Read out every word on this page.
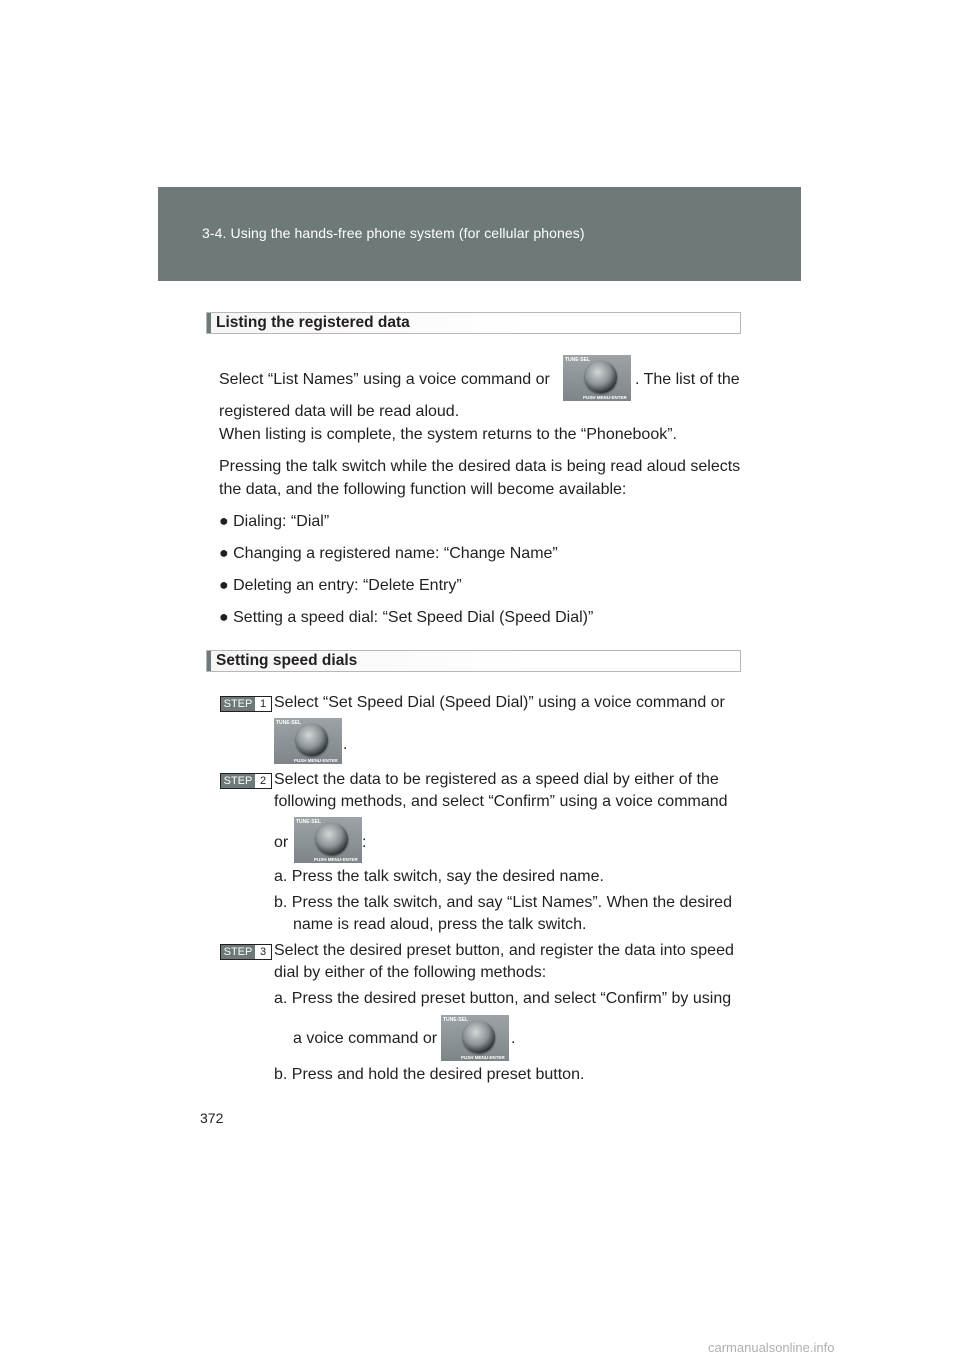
3-4. Using the hands-free phone system (for cellular phones)
Listing the registered data
Select “List Names” using a voice command or
TUNE·SEL
PUSH MENU·ENTER
. The list of the
registered data will be read aloud.
When listing is complete, the system returns to the “Phonebook”.
Pressing the talk switch while the desired data is being read aloud selects
the data, and the following function will become available:
● Dialing: “Dial”
● Changing a registered name: “Change Name”
● Deleting an entry: “Delete Entry”
● Setting a speed dial: “Set Speed Dial (Speed Dial)”
Setting speed dials
STEP 1 Select “Set Speed Dial (Speed Dial)” using a voice command or
TUNE·SEL
PUSH MENU·ENTER
.
STEP 2 Select the data to be registered as a speed dial by either of the
following methods, and select “Confirm” using a voice command
or
TUNE·SEL
PUSH MENU·ENTER
:
a. Press the talk switch, say the desired name.
b. Press the talk switch, and say “List Names”. When the desired
name is read aloud, press the talk switch.
STEP 3 Select the desired preset button, and register the data into speed
dial by either of the following methods:
a. Press the desired preset button, and select “Confirm” by using
a voice command or
TUNE·SEL
PUSH MENU·ENTER
.
b. Press and hold the desired preset button.
372
carmanualsonline.info
